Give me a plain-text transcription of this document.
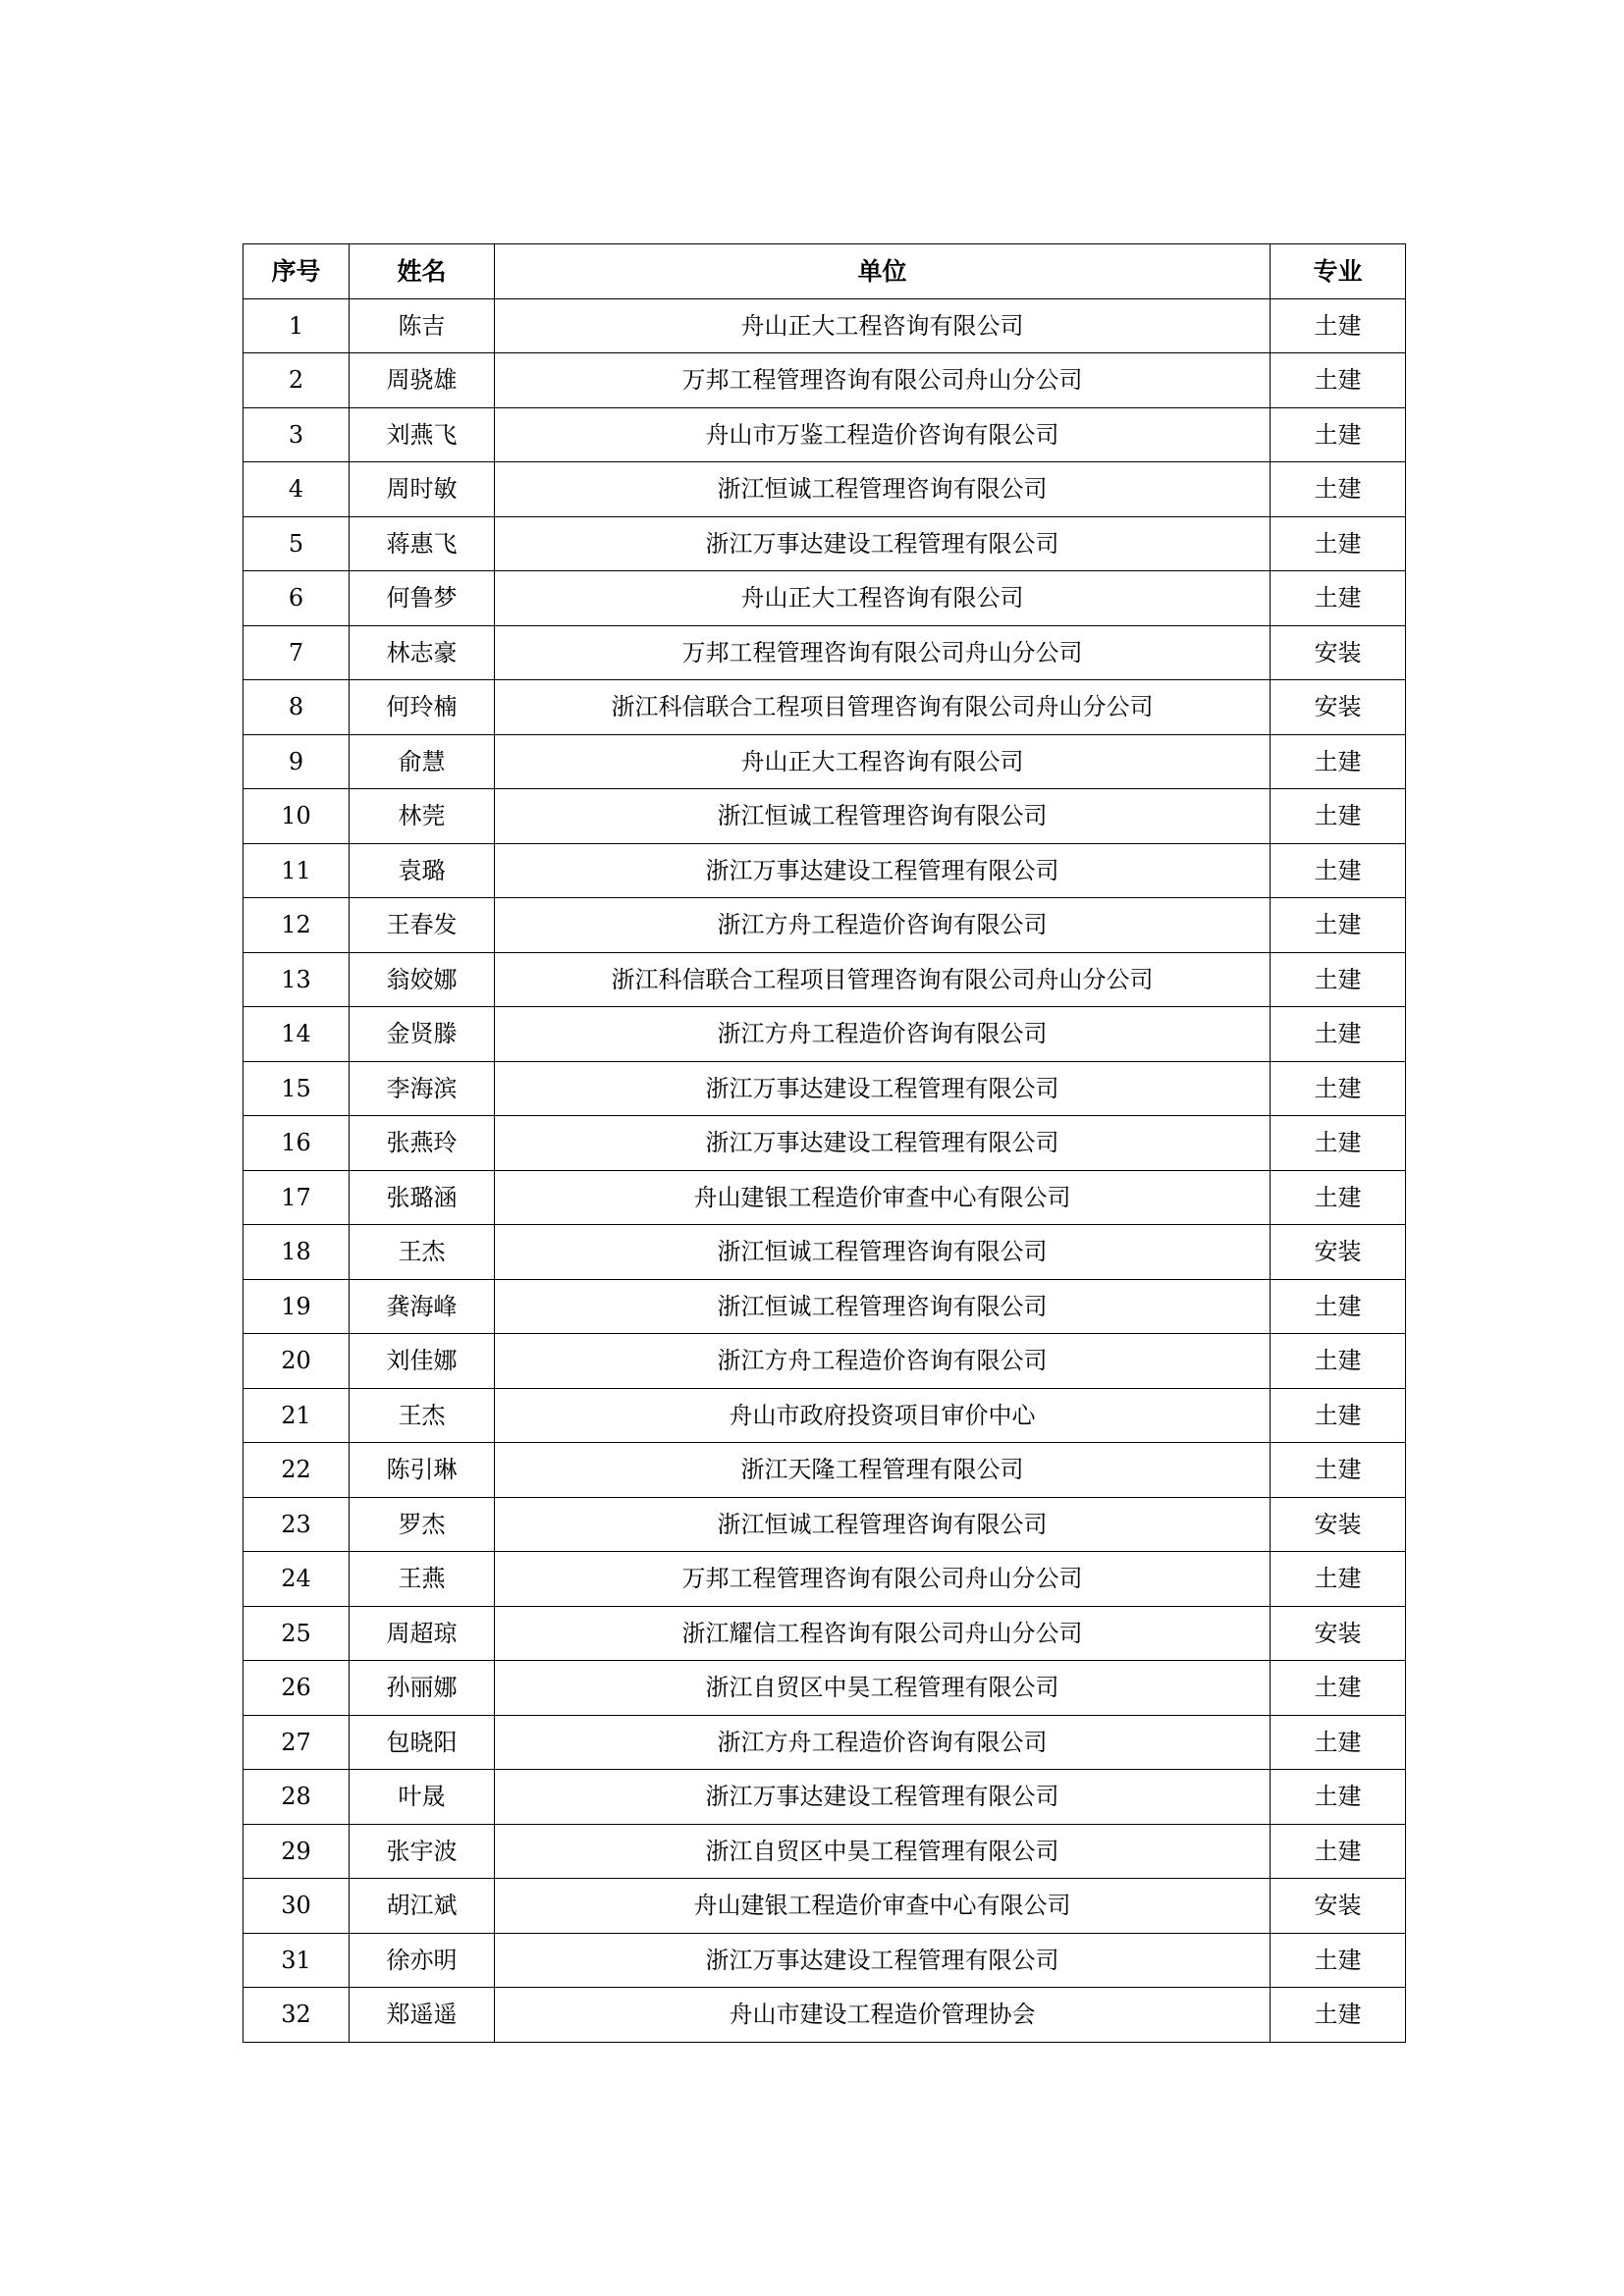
序号	姓名	单位	专业
1	陈吉	舟山正大工程咨询有限公司	土建
2	周骁雄	万邦工程管理咨询有限公司舟山分公司	土建
3	刘燕飞	舟山市万鉴工程造价咨询有限公司	土建
4	周时敏	浙江恒诚工程管理咨询有限公司	土建
5	蒋惠飞	浙江万事达建设工程管理有限公司	土建
6	何鲁梦	舟山正大工程咨询有限公司	土建
7	林志豪	万邦工程管理咨询有限公司舟山分公司	安装
8	何玲楠	浙江科信联合工程项目管理咨询有限公司舟山分公司	安装
9	俞慧	舟山正大工程咨询有限公司	土建
10	林莞	浙江恒诚工程管理咨询有限公司	土建
11	袁璐	浙江万事达建设工程管理有限公司	土建
12	王春发	浙江方舟工程造价咨询有限公司	土建
13	翁姣娜	浙江科信联合工程项目管理咨询有限公司舟山分公司	土建
14	金贤滕	浙江方舟工程造价咨询有限公司	土建
15	李海滨	浙江万事达建设工程管理有限公司	土建
16	张燕玲	浙江万事达建设工程管理有限公司	土建
17	张璐涵	舟山建银工程造价审查中心有限公司	土建
18	王杰	浙江恒诚工程管理咨询有限公司	安装
19	龚海峰	浙江恒诚工程管理咨询有限公司	土建
20	刘佳娜	浙江方舟工程造价咨询有限公司	土建
21	王杰	舟山市政府投资项目审价中心	土建
22	陈引琳	浙江天隆工程管理有限公司	土建
23	罗杰	浙江恒诚工程管理咨询有限公司	安装
24	王燕	万邦工程管理咨询有限公司舟山分公司	土建
25	周超琼	浙江耀信工程咨询有限公司舟山分公司	安装
26	孙丽娜	浙江自贸区中昊工程管理有限公司	土建
27	包晓阳	浙江方舟工程造价咨询有限公司	土建
28	叶晟	浙江万事达建设工程管理有限公司	土建
29	张宇波	浙江自贸区中昊工程管理有限公司	土建
30	胡江斌	舟山建银工程造价审查中心有限公司	安装
31	徐亦明	浙江万事达建设工程管理有限公司	土建
32	郑遥遥	舟山市建设工程造价管理协会	土建
